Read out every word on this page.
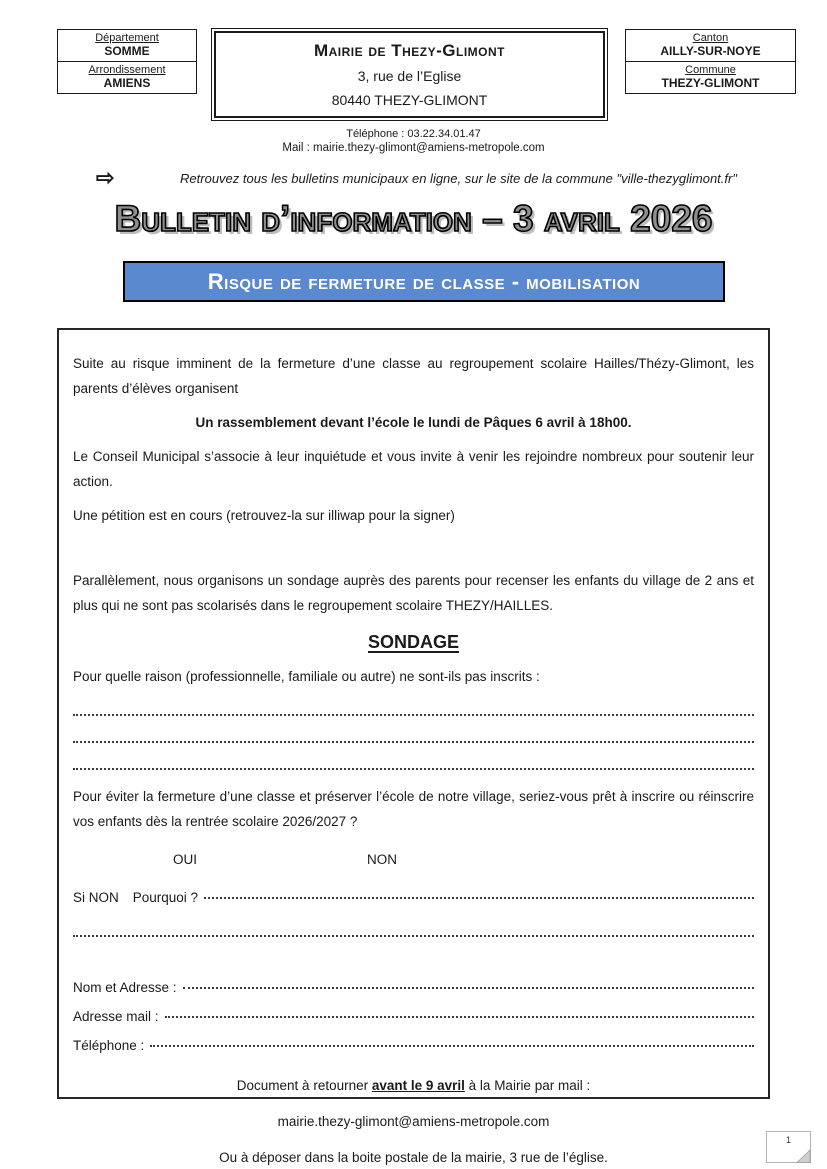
Département
SOMME
Arrondissement
AMIENS
Mairie de Thezy-Glimont
3, rue de l’Eglise
80440 THEZY-GLIMONT
Canton
AILLY-SUR-NOYE
Commune
THEZY-GLIMONT
Téléphone : 03.22.34.01.47
Mail : mairie.thezy-glimont@amiens-metropole.com
⇨	Retrouvez tous les bulletins municipaux en ligne, sur le site de la commune "ville-thezyglimont.fr"
Bulletin d’information – 3 avril 2026
Risque de fermeture de classe - mobilisation

Suite au risque imminent de la fermeture d’une classe au regroupement scolaire Hailles/Thézy-Glimont, les parents d’élèves organisent

Un rassemblement devant l’école le lundi de Pâques 6 avril à 18h00.

Le Conseil Municipal s’associe à leur inquiétude et vous invite à venir les rejoindre nombreux pour soutenir leur action.

Une pétition est en cours (retrouvez-la sur illiwap pour la signer)

Parallèlement, nous organisons un sondage auprès des parents pour recenser les enfants du village de 2 ans et plus qui ne sont pas scolarisés dans le regroupement scolaire THEZY/HAILLES.

SONDAGE

Pour quelle raison (professionnelle, familiale ou autre) ne sont-ils pas inscrits :

Pour éviter la fermeture d’une classe et préserver l’école de notre village, seriez-vous prêt à inscrire ou réinscrire vos enfants dès la rentrée scolaire 2026/2027 ?

OUI	NON
Si NON Pourquoi ?
Nom et Adresse :
Adresse mail :
Téléphone :

Document à retourner avant le 9 avril à la Mairie par mail :

mairie.thezy-glimont@amiens-metropole.com

Ou à déposer dans la boite postale de la mairie, 3 rue de l’église.

1
